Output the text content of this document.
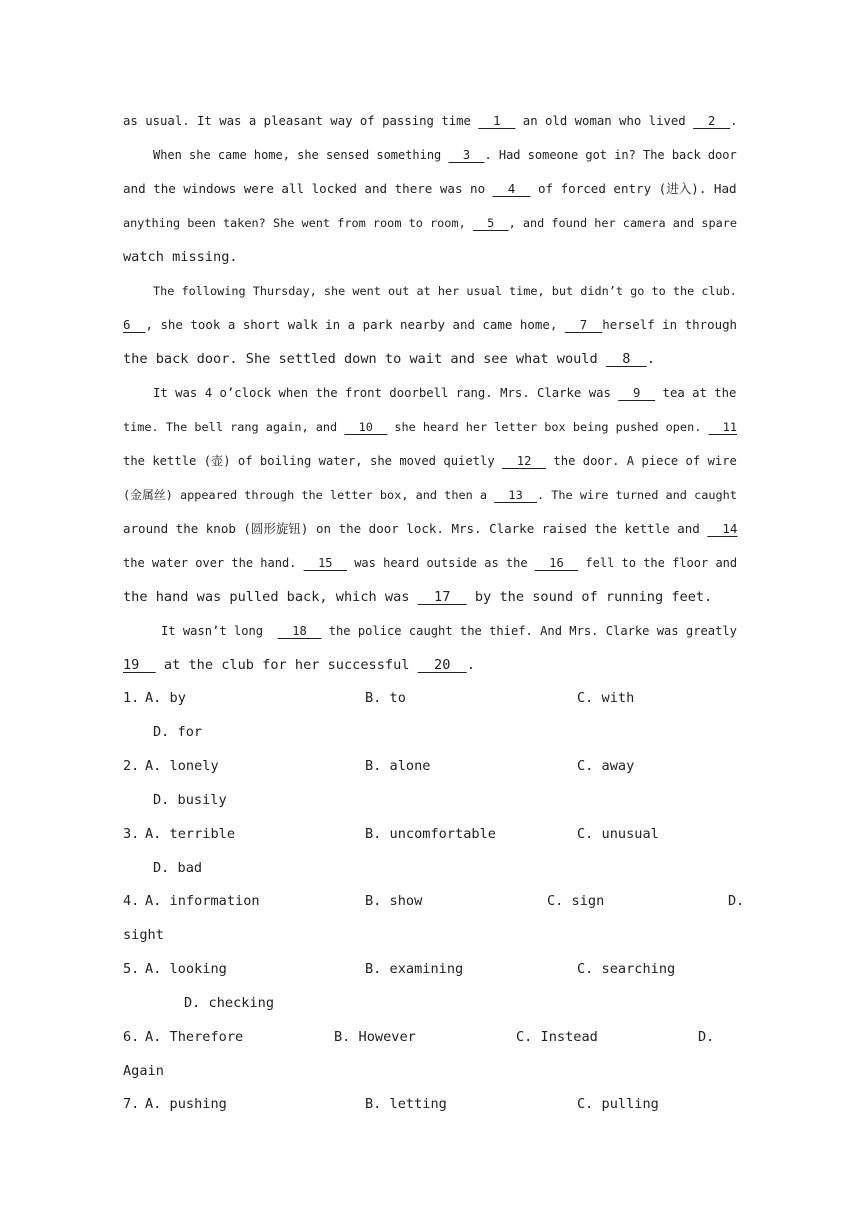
as usual. It was a pleasant way of passing time   1   an old woman who lived   2  .
When she came home, she sensed something   3  . Had someone got in? The back door
and the windows were all locked and there was no   4   of forced entry (进入). Had
anything been taken? She went from room to room,   5  , and found her camera and spare
watch missing.
The following Thursday, she went out at her usual time, but didn’t go to the club.
6  , she took a short walk in a park nearby and came home,   7  herself in through
the back door. She settled down to wait and see what would   8  .
It was 4 o’clock when the front doorbell rang. Mrs. Clarke was   9   tea at the
time. The bell rang again, and   10   she heard her letter box being pushed open.   11
the kettle (壶) of boiling water, she moved quietly   12   the door. A piece of wire
(金属丝) appeared through the letter box, and then a   13  . The wire turned and caught
around the knob (圆形旋钮) on the door lock. Mrs. Clarke raised the kettle and   14
the water over the hand.   15   was heard outside as the   16   fell to the floor and
the hand was pulled back, which was   17   by the sound of running feet.
It wasn’t long    18   the police caught the thief. And Mrs. Clarke was greatly
19   at the club for her successful   20  .
1. A. by	B. to	C. with
D. for
2. A. lonely	B. alone	C. away
D. busily
3. A. terrible	B. uncomfortable	C. unusual
D. bad
4. A. information	B. show	C. sign	D.
sight
5. A. looking	B. examining	C. searching
D. checking
6. A. Therefore	B. However	C. Instead	D.
Again
7. A. pushing	B. letting	C. pulling
